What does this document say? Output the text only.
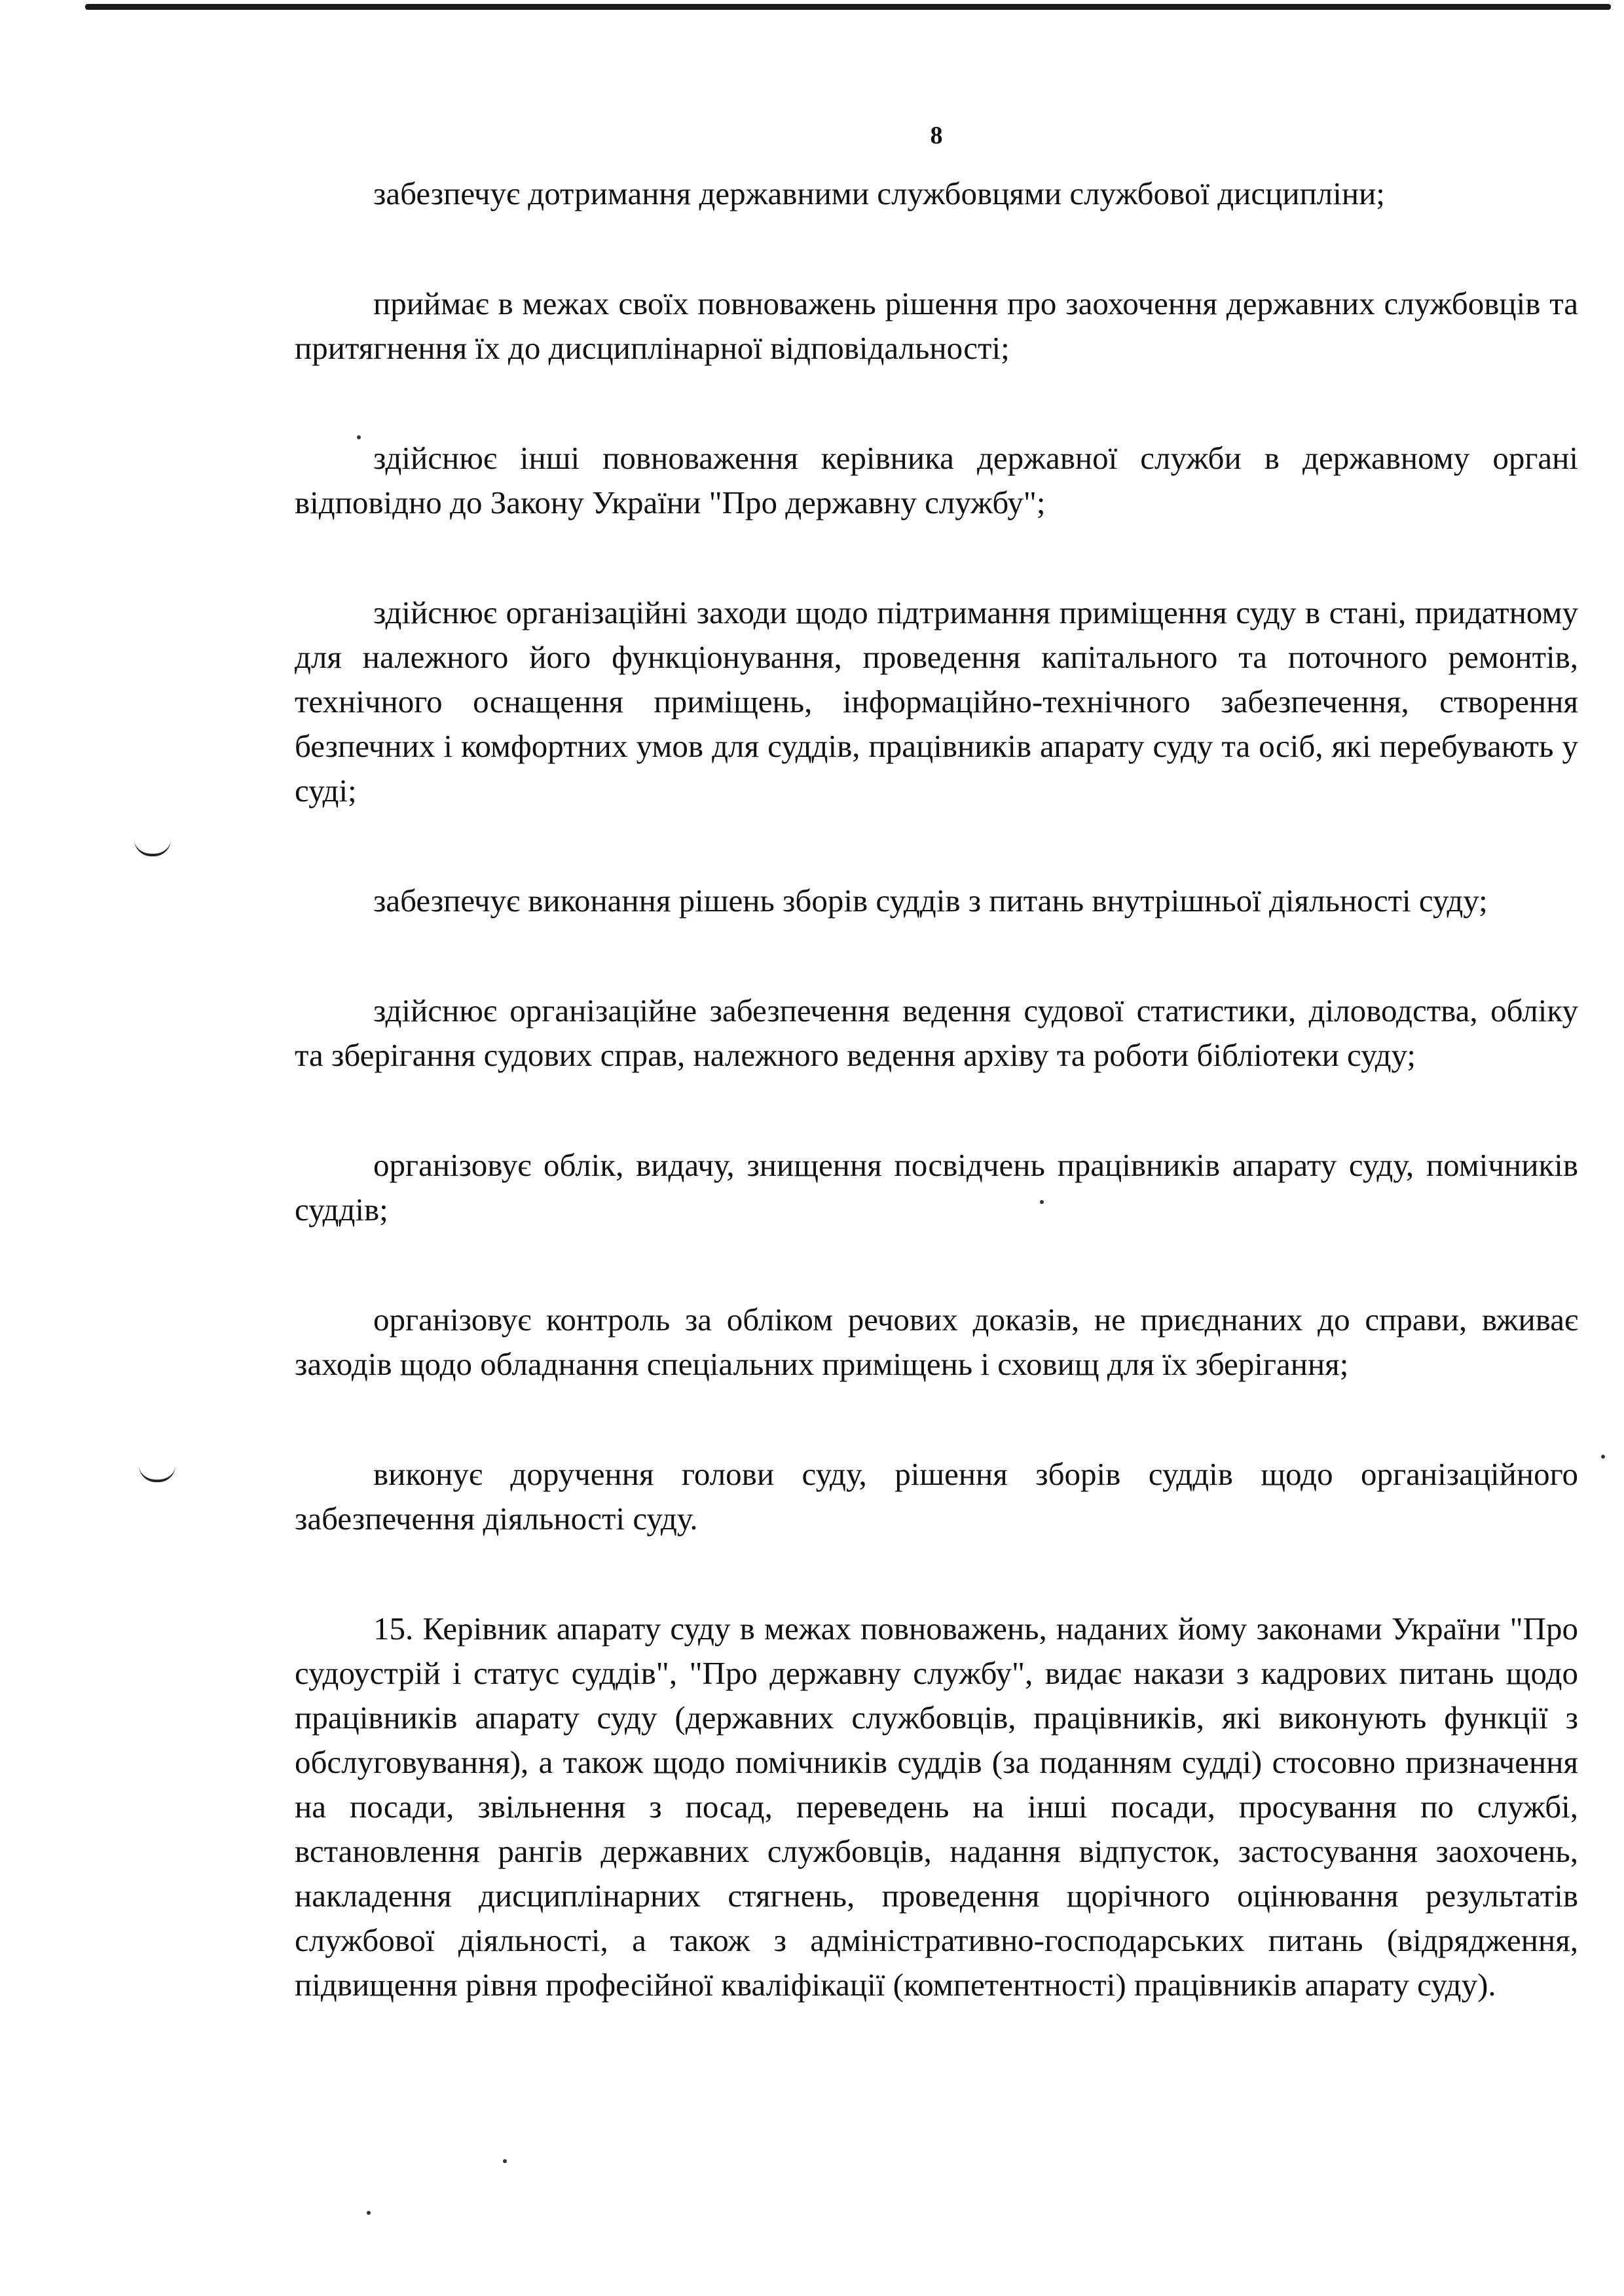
8

забезпечує дотримання державними службовцями службової дисципліни;

приймає в межах своїх повноважень рішення про заохочення державних службовців та притягнення їх до дисциплінарної відповідальності;

здійснює інші повноваження керівника державної служби в державному органі відповідно до Закону України "Про державну службу";

здійснює організаційні заходи щодо підтримання приміщення суду в стані, придатному для належного його функціонування, проведення капітального та поточного ремонтів, технічного оснащення приміщень, інформаційно-технічного забезпечення, створення безпечних і комфортних умов для суддів, працівників апарату суду та осіб, які перебувають у суді;

забезпечує виконання рішень зборів суддів з питань внутрішньої діяльності суду;

здійснює організаційне забезпечення ведення судової статистики, діловодства, обліку та зберігання судових справ, належного ведення архіву та роботи бібліотеки суду;

організовує облік, видачу, знищення посвідчень працівників апарату суду, помічників суддів;

організовує контроль за обліком речових доказів, не приєднаних до справи, вживає заходів щодо обладнання спеціальних приміщень і сховищ для їх зберігання;

виконує доручення голови суду, рішення зборів суддів щодо організаційного забезпечення діяльності суду.

15. Керівник апарату суду в межах повноважень, наданих йому законами України "Про судоустрій і статус суддів", "Про державну службу", видає накази з кадрових питань щодо працівників апарату суду (державних службовців, працівників, які виконують функції з обслуговування), а також щодо помічників суддів (за поданням судді) стосовно призначення на посади, звільнення з посад, переведень на інші посади, просування по службі, встановлення рангів державних службовців, надання відпусток, застосування заохочень, накладення дисциплінарних стягнень, проведення щорічного оцінювання результатів службової діяльності, а також з адміністративно-господарських питань (відрядження, підвищення рівня професійної кваліфікації (компетентності) працівників апарату суду).
